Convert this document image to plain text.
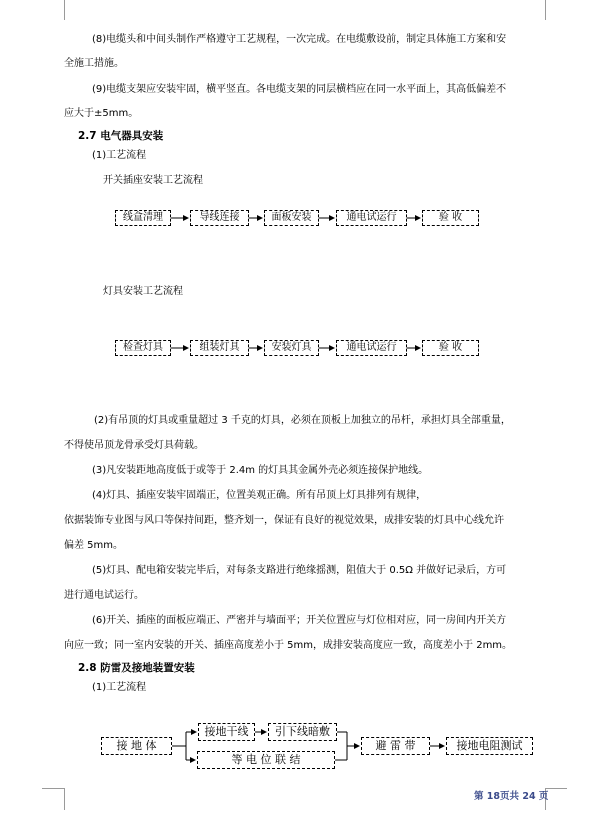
(8)电缆头和中间头制作严格遵守工艺规程，一次完成。在电缆敷设前，制定具体施工方案和安
全施工措施。
(9)电缆支架应安装牢固，横平竖直。各电缆支架的同层横档应在同一水平面上，其高低偏差不
应大于±5mm。
2.7 电气器具安装
(1)工艺流程
开关插座安装工艺流程
线盒清理	导线连接	面板安装	通电试运行	验 收
灯具安装工艺流程
检查灯具	组装灯具	安装灯具	通电试运行	验 收
(2)有吊顶的灯具或重量超过 3 千克的灯具，必须在顶板上加独立的吊杆，承担灯具全部重量，
不得使吊顶龙骨承受灯具荷载。
(3)凡安装距地高度低于或等于 2.4m 的灯具其金属外壳必须连接保护地线。
(4)灯具、插座安装牢固端正，位置美观正确。所有吊顶上灯具排列有规律，
依据装饰专业图与风口等保持间距，整齐划一，保证有良好的视觉效果，成排安装的灯具中心线允许
偏差 5mm。
(5)灯具、配电箱安装完毕后，对每条支路进行绝缘摇测，阻值大于 0.5Ω 并做好记录后，方可
进行通电试运行。
(6)开关、插座的面板应端正、严密并与墙面平；开关位置应与灯位相对应，同一房间内开关方
向应一致；同一室内安装的开关、插座高度差小于 5mm，成排安装高度应一致，高度差小于 2mm。
2.8 防雷及接地装置安装
(1)工艺流程
接 地 体
接地干线	引下线暗敷
等 电 位 联 结
避 雷 带	接地电阻测试
第 18页共 24 页
